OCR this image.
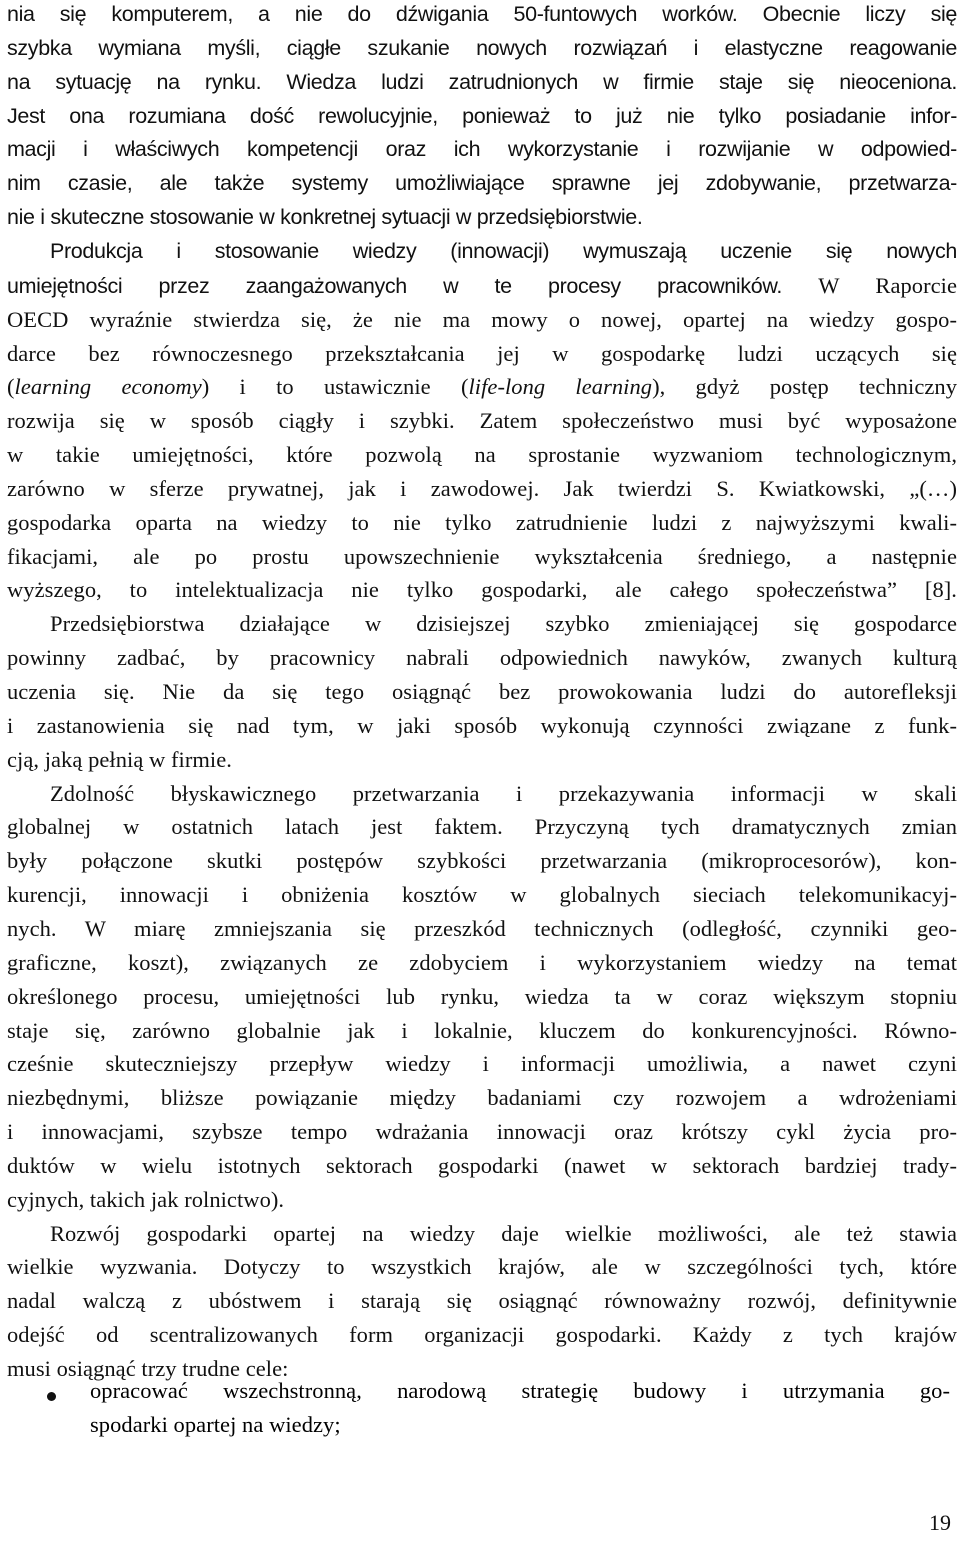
nia się komputerem, a nie do dźwigania 50-funtowych worków. Obecnie liczy się
szybka wymiana myśli, ciągłe szukanie nowych rozwiązań i elastyczne reagowanie
na sytuację na rynku. Wiedza ludzi zatrudnionych w firmie staje się nieoceniona.
Jest ona rozumiana dość rewolucyjnie, ponieważ to już nie tylko posiadanie infor-
macji i właściwych kompetencji oraz ich wykorzystanie i rozwijanie w odpowied-
nim czasie, ale także systemy umożliwiające sprawne jej zdobywanie, przetwarza-
nie i skuteczne stosowanie w konkretnej sytuacji w przedsiębiorstwie.
Produkcja i stosowanie wiedzy (innowacji) wymuszają uczenie się nowych
umiejętności przez zaangażowanych w te procesy pracowników. W Raporcie
OECD wyraźnie stwierdza się, że nie ma mowy o nowej, opartej na wiedzy gospo-
darce bez równoczesnego przekształcania jej w gospodarkę ludzi uczących się
(learning economy) i to ustawicznie (life-long learning), gdyż postęp techniczny
rozwija się w sposób ciągły i szybki. Zatem społeczeństwo musi być wyposażone
w takie umiejętności, które pozwolą na sprostanie wyzwaniom technologicznym,
zarówno w sferze prywatnej, jak i zawodowej. Jak twierdzi S. Kwiatkowski, „(…)
gospodarka oparta na wiedzy to nie tylko zatrudnienie ludzi z najwyższymi kwali-
fikacjami, ale po prostu upowszechnienie wykształcenia średniego, a następnie
wyższego, to intelektualizacja nie tylko gospodarki, ale całego społeczeństwa” [8].
Przedsiębiorstwa działające w dzisiejszej szybko zmieniającej się gospodarce
powinny zadbać, by pracownicy nabrali odpowiednich nawyków, zwanych kulturą
uczenia się. Nie da się tego osiągnąć bez prowokowania ludzi do autorefleksji
i zastanowienia się nad tym, w jaki sposób wykonują czynności związane z funk-
cją, jaką pełnią w firmie.
Zdolność błyskawicznego przetwarzania i przekazywania informacji w skali
globalnej w ostatnich latach jest faktem. Przyczyną tych dramatycznych zmian
były połączone skutki postępów szybkości przetwarzania (mikroprocesorów), kon-
kurencji, innowacji i obniżenia kosztów w globalnych sieciach telekomunikacyj-
nych. W miarę zmniejszania się przeszkód technicznych (odległość, czynniki geo-
graficzne, koszt), związanych ze zdobyciem i wykorzystaniem wiedzy na temat
określonego procesu, umiejętności lub rynku, wiedza ta w coraz większym stopniu
staje się, zarówno globalnie jak i lokalnie, kluczem do konkurencyjności. Równo-
cześnie skuteczniejszy przepływ wiedzy i informacji umożliwia, a nawet czyni
niezbędnymi, bliższe powiązanie między badaniami czy rozwojem a wdrożeniami
i innowacjami, szybsze tempo wdrażania innowacji oraz krótszy cykl życia pro-
duktów w wielu istotnych sektorach gospodarki (nawet w sektorach bardziej trady-
cyjnych, takich jak rolnictwo).
Rozwój gospodarki opartej na wiedzy daje wielkie możliwości, ale też stawia
wielkie wyzwania. Dotyczy to wszystkich krajów, ale w szczególności tych, które
nadal walczą z ubóstwem i starają się osiągnąć równoważny rozwój, definitywnie
odejść od scentralizowanych form organizacji gospodarki. Każdy z tych krajów
musi osiągnąć trzy trudne cele:
opracować wszechstronną, narodową strategię budowy i utrzymania go-
spodarki opartej na wiedzy;
19
